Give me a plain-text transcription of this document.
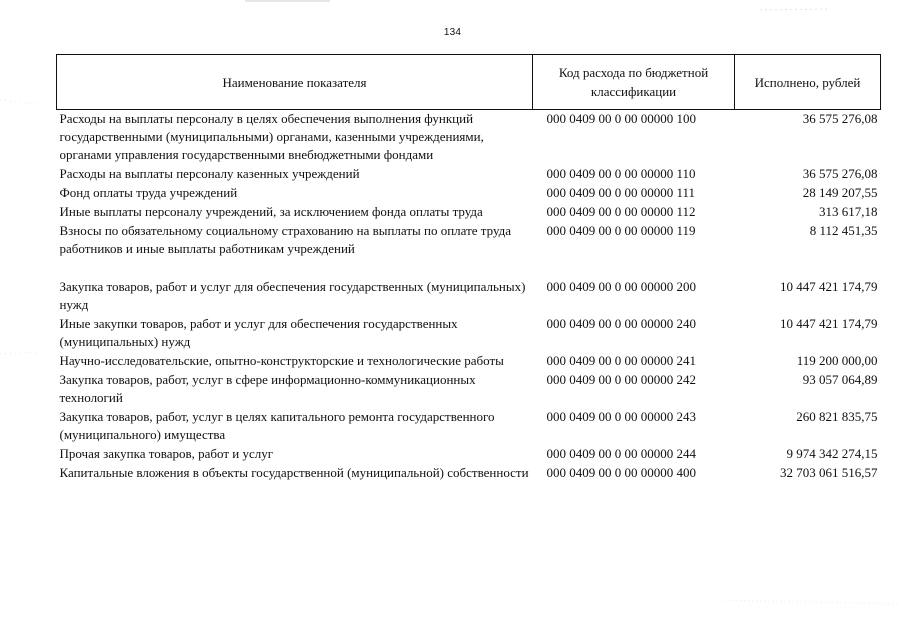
134
Наименование показателя	Код расхода по бюджетной классификации	Исполнено, рублей
Расходы на выплаты персоналу в целях обеспечения выполнения функций государственными (муниципальными) органами, казенными учреждениями, органами управления государственными внебюджетными фондами	000 0409 00 0 00 00000 100	36 575 276,08
Расходы на выплаты персоналу казенных учреждений	000 0409 00 0 00 00000 110	36 575 276,08
Фонд оплаты труда учреждений	000 0409 00 0 00 00000 111	28 149 207,55
Иные выплаты персоналу учреждений, за исключением фонда оплаты труда	000 0409 00 0 00 00000 112	313 617,18
Взносы по обязательному социальному страхованию на выплаты по оплате труда работников и иные выплаты работникам учреждений	000 0409 00 0 00 00000 119	8 112 451,35

Закупка товаров, работ и услуг для обеспечения государственных (муниципальных) нужд	000 0409 00 0 00 00000 200	10 447 421 174,79
Иные закупки товаров, работ и услуг для обеспечения государственных (муниципальных) нужд	000 0409 00 0 00 00000 240	10 447 421 174,79
Научно-исследовательские, опытно-конструкторские и технологические работы	000 0409 00 0 00 00000 241	119 200 000,00
Закупка товаров, работ, услуг в сфере информационно-коммуникационных технологий	000 0409 00 0 00 00000 242	93 057 064,89
Закупка товаров, работ, услуг в целях капитального ремонта государственного (муниципального) имущества	000 0409 00 0 00 00000 243	260 821 835,75
Прочая закупка товаров, работ и услуг	000 0409 00 0 00 00000 244	9 974 342 274,15
Капитальные вложения в объекты государственной (муниципальной) собственности	000 0409 00 0 00 00000 400	32 703 061 516,57
